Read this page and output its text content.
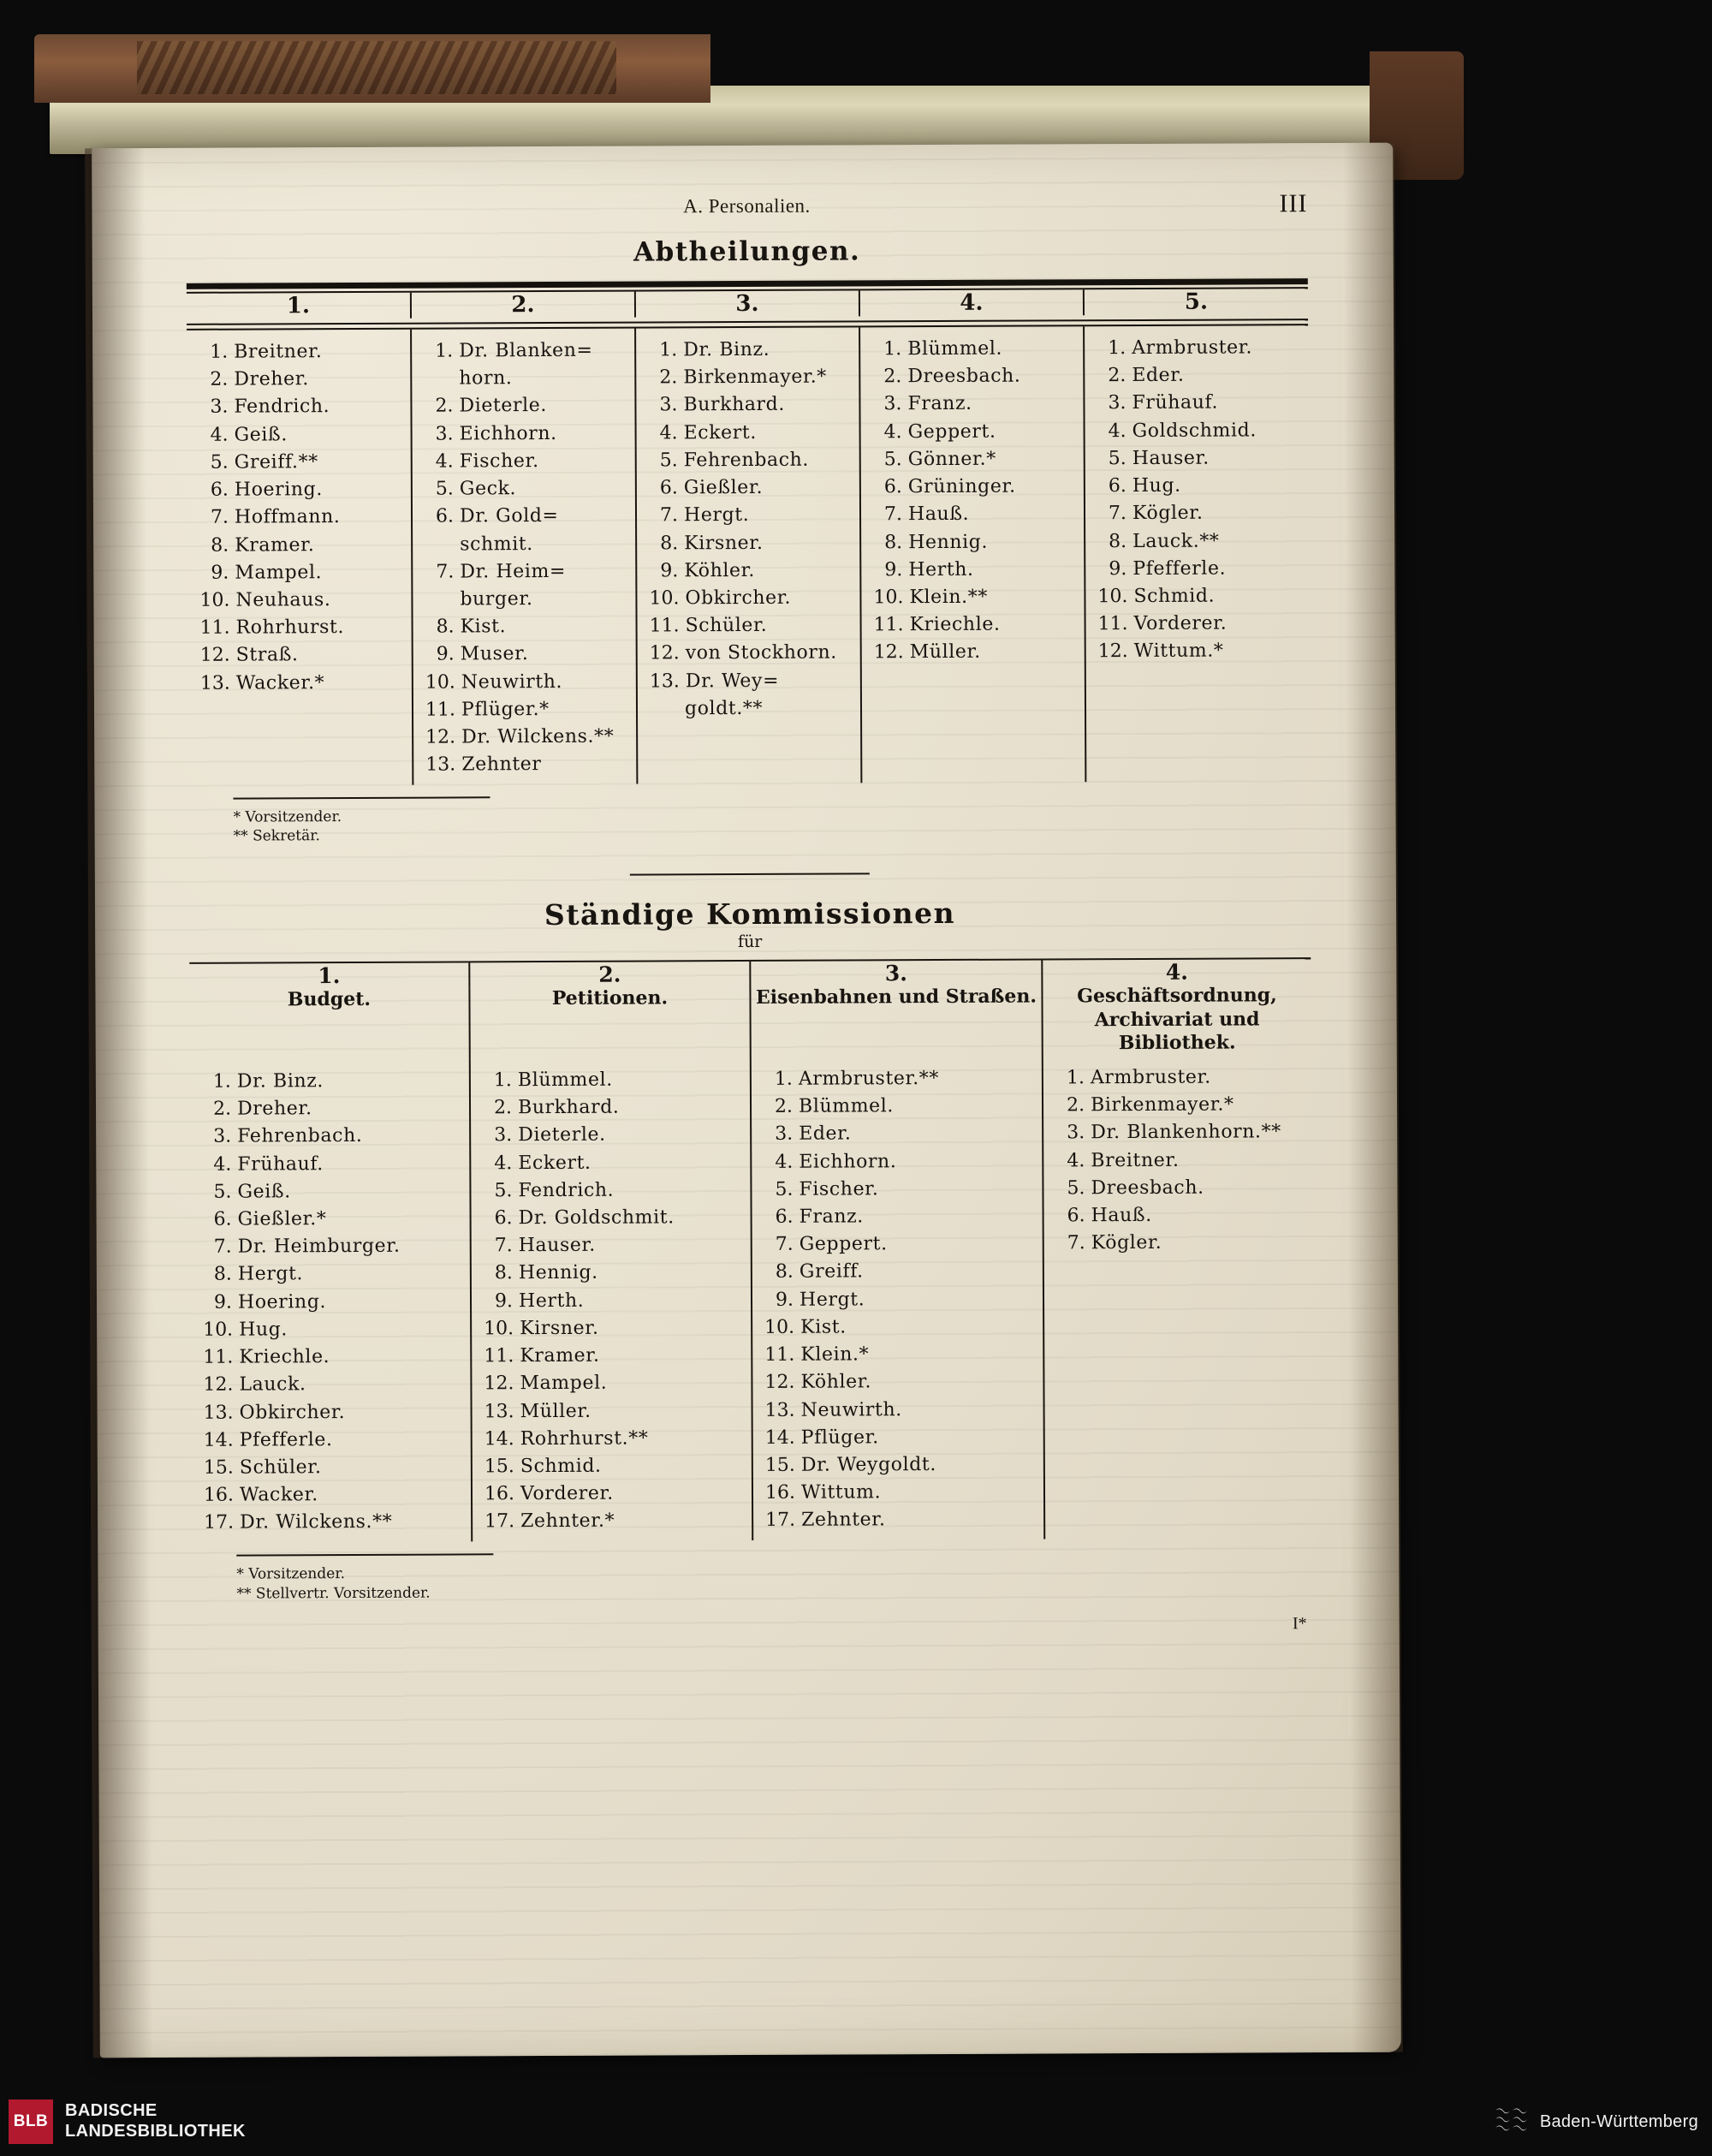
A. Personalien.	III
Abtheilungen.
1.	2.	3.	4.	5.
1. Breitner.
2. Dreher.
3. Fendrich.
4. Geiß.
5. Greiff.**
6. Hoering.
7. Hoffmann.
8. Kramer.
9. Mampel.
10. Neuhaus.
11. Rohrhurst.
12. Straß.
13. Wacker.*

1. Dr. Blanken=
horn.
2. Dieterle.
3. Eichhorn.
4. Fischer.
5. Geck.
6. Dr. Gold=
schmit.
7. Dr. Heim=
burger.
8. Kist.
9. Muser.
10. Neuwirth.
11. Pflüger.*
12. Dr. Wilckens.**
13. Zehnter

1. Dr. Binz.
2. Birkenmayer.*
3. Burkhard.
4. Eckert.
5. Fehrenbach.
6. Gießler.
7. Hergt.
8. Kirsner.
9. Köhler.
10. Obkircher.
11. Schüler.
12. von Stockhorn.
13. Dr. Wey=
goldt.**

1. Blümmel.
2. Dreesbach.
3. Franz.
4. Geppert.
5. Gönner.*
6. Grüninger.
7. Hauß.
8. Hennig.
9. Herth.
10. Klein.**
11. Kriechle.
12. Müller.

1. Armbruster.
2. Eder.
3. Frühauf.
4. Goldschmid.
5. Hauser.
6. Hug.
7. Kögler.
8. Lauck.**
9. Pfefferle.
10. Schmid.
11. Vorderer.
12. Wittum.*
* Vorsitzender.
** Sekretär.
Ständige Kommissionen
für
1.	2.	3.	4.
Budget.	Petitionen.	Eisenbahnen und Straßen.	Geschäftsordnung,
Archivariat und Bibliothek.

1. Dr. Binz.
2. Dreher.
3. Fehrenbach.
4. Frühauf.
5. Geiß.
6. Gießler.*
7. Dr. Heimburger.
8. Hergt.
9. Hoering.
10. Hug.
11. Kriechle.
12. Lauck.
13. Obkircher.
14. Pfefferle.
15. Schüler.
16. Wacker.
17. Dr. Wilckens.**

1. Blümmel.
2. Burkhard.
3. Dieterle.
4. Eckert.
5. Fendrich.
6. Dr. Goldschmit.
7. Hauser.
8. Hennig.
9. Herth.
10. Kirsner.
11. Kramer.
12. Mampel.
13. Müller.
14. Rohrhurst.**
15. Schmid.
16. Vorderer.
17. Zehnter.*

1. Armbruster.**
2. Blümmel.
3. Eder.
4. Eichhorn.
5. Fischer.
6. Franz.
7. Geppert.
8. Greiff.
9. Hergt.
10. Kist.
11. Klein.*
12. Köhler.
13. Neuwirth.
14. Pflüger.
15. Dr. Weygoldt.
16. Wittum.
17. Zehnter.

1. Armbruster.
2. Birkenmayer.*
3. Dr. Blankenhorn.**
4. Breitner.
5. Dreesbach.
6. Hauß.
7. Kögler.
* Vorsitzender.
** Stellvertr. Vorsitzender.
I*
BLB
BADISCHE
LANDESBIBLIOTHEK
Baden-Württemberg
